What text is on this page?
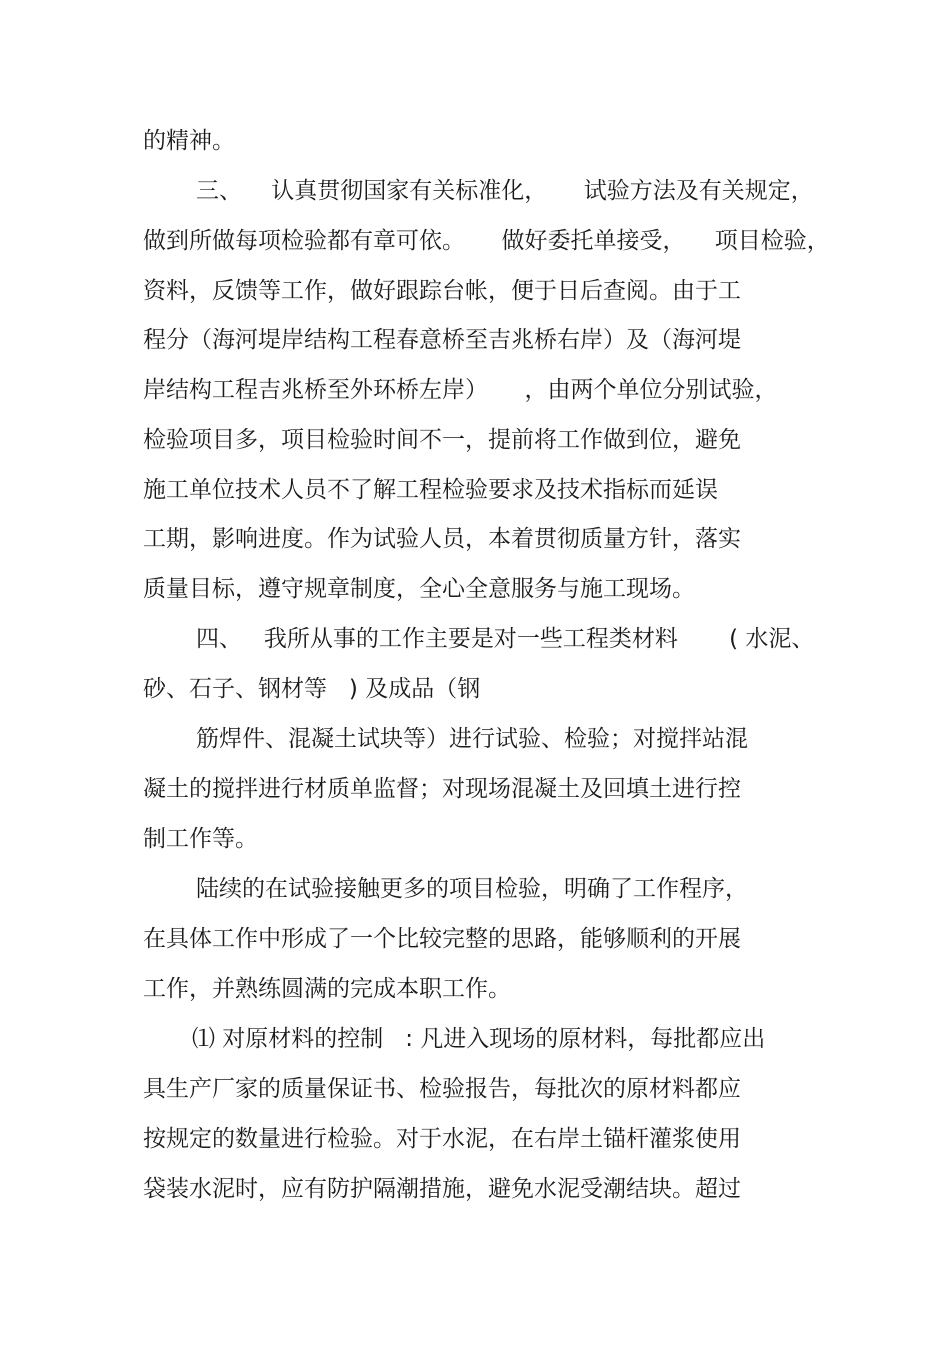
的精神。
三、    认真贯彻国家有关标准化，     试验方法及有关规定，
做到所做每项检验都有章可依。     做好委托单接受，    项目检验，
资料，反馈等工作，做好跟踪台帐，便于日后查阅。由于工
程分（海河堤岸结构工程春意桥至吉兆桥右岸）及（海河堤
岸结构工程吉兆桥至外环桥左岸）     ，由两个单位分别试验，
检验项目多，项目检验时间不一，提前将工作做到位，避免
施工单位技术人员不了解工程检验要求及技术指标而延误
工期，影响进度。作为试验人员，本着贯彻质量方针，落实
质量目标，遵守规章制度，全心全意服务与施工现场。
四、   我所从事的工作主要是对一些工程类材料       ( 水泥、
砂、石子、钢材等   ) 及成品（钢
筋焊件、混凝土试块等）进行试验、检验；对搅拌站混
凝土的搅拌进行材质单监督；对现场混凝土及回填土进行控
制工作等。
陆续的在试验接触更多的项目检验，明确了工作程序，
在具体工作中形成了一个比较完整的思路，能够顺利的开展
工作，并熟练圆满的完成本职工作。
⑴ 对原材料的控制   : 凡进入现场的原材料，每批都应出
具生产厂家的质量保证书、检验报告，每批次的原材料都应
按规定的数量进行检验。对于水泥，在右岸土锚杆灌浆使用
袋装水泥时，应有防护隔潮措施，避免水泥受潮结块。超过
